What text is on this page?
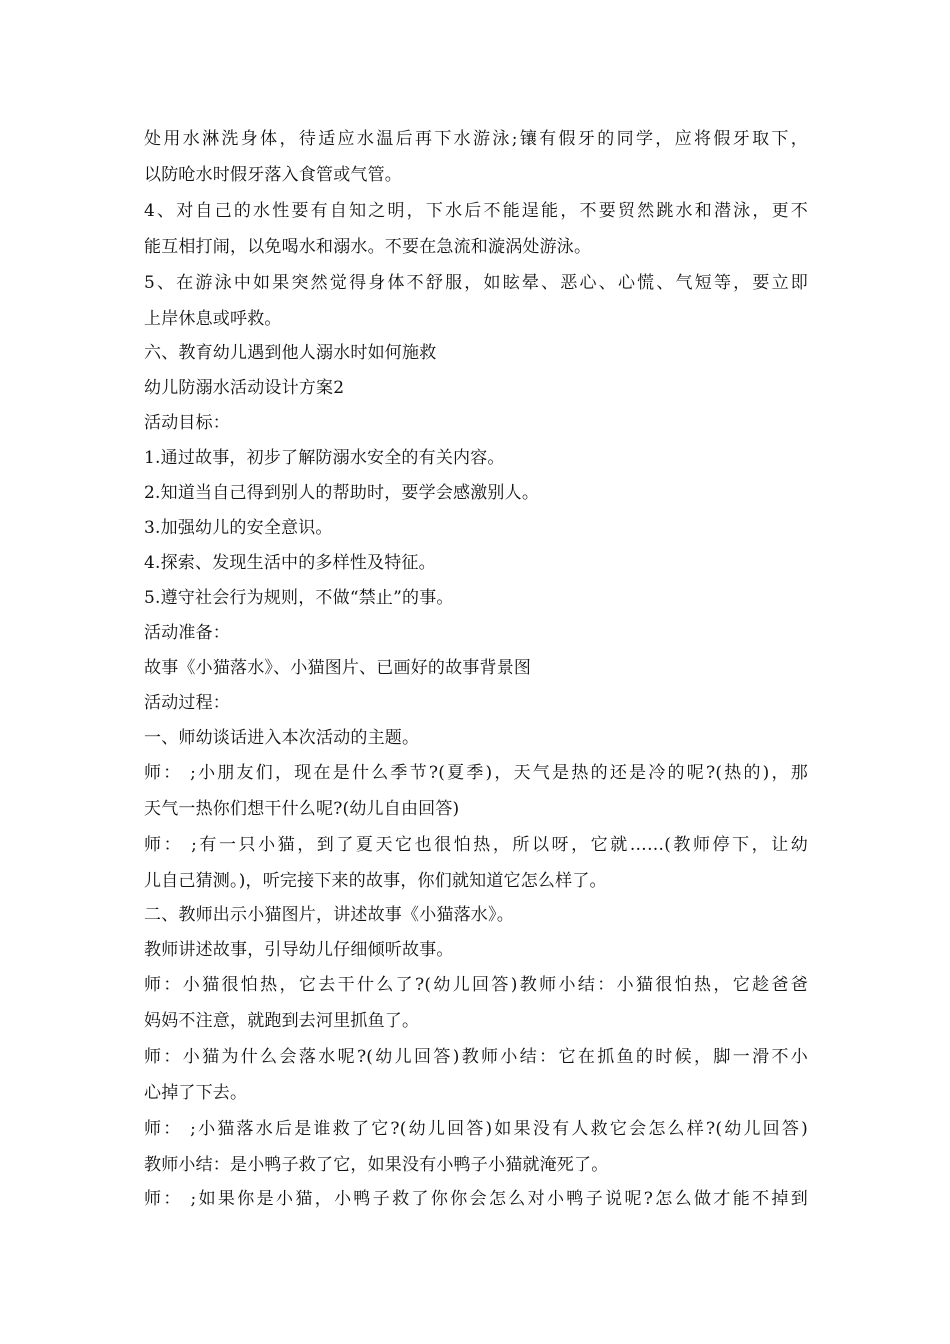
处用水淋洗身体，待适应水温后再下水游泳;镶有假牙的同学，应将假牙取下，
以防呛水时假牙落入食管或气管。
4、对自己的水性要有自知之明，下水后不能逞能，不要贸然跳水和潜泳，更不
能互相打闹，以免喝水和溺水。不要在急流和漩涡处游泳。
5、在游泳中如果突然觉得身体不舒服，如眩晕、恶心、心慌、气短等，要立即
上岸休息或呼救。
六、教育幼儿遇到他人溺水时如何施救
幼儿防溺水活动设计方案2
活动目标：
1.通过故事，初步了解防溺水安全的有关内容。
2.知道当自己得到别人的帮助时，要学会感激别人。
3.加强幼儿的安全意识。
4.探索、发现生活中的多样性及特征。
5.遵守社会行为规则，不做“禁止”的事。
活动准备：
故事《小猫落水》、小猫图片、已画好的故事背景图
活动过程：
一、师幼谈话进入本次活动的主题。
师： ;小朋友们，现在是什么季节?(夏季)，天气是热的还是冷的呢?(热的)，那
天气一热你们想干什么呢?(幼儿自由回答)
师： ;有一只小猫，到了夏天它也很怕热，所以呀，它就……(教师停下，让幼
儿自己猜测。)，听完接下来的故事，你们就知道它怎么样了。
二、教师出示小猫图片，讲述故事《小猫落水》。
教师讲述故事，引导幼儿仔细倾听故事。
师：小猫很怕热，它去干什么了?(幼儿回答)教师小结：小猫很怕热，它趁爸爸
妈妈不注意，就跑到去河里抓鱼了。
师：小猫为什么会落水呢?(幼儿回答)教师小结：它在抓鱼的时候，脚一滑不小
心掉了下去。
师： ;小猫落水后是谁救了它?(幼儿回答)如果没有人救它会怎么样?(幼儿回答)
教师小结：是小鸭子救了它，如果没有小鸭子小猫就淹死了。
师： ;如果你是小猫，小鸭子救了你你会怎么对小鸭子说呢?怎么做才能不掉到
